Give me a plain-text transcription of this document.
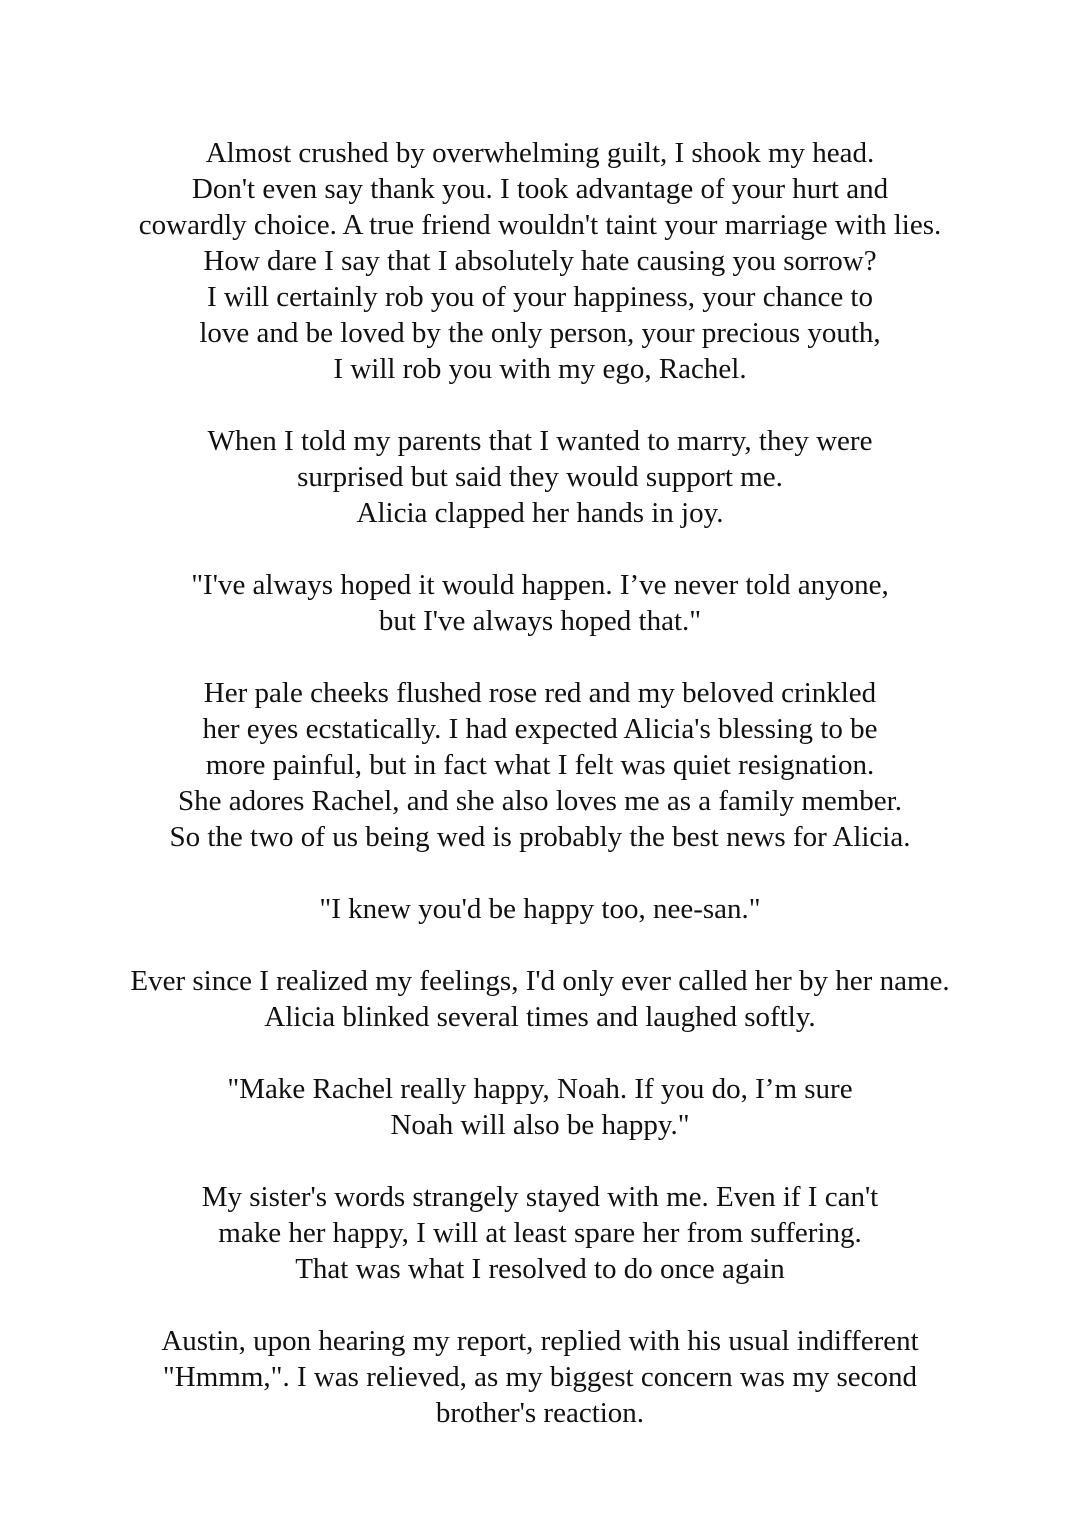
Almost crushed by overwhelming guilt, I shook my head.
Don't even say thank you. I took advantage of your hurt and
cowardly choice. A true friend wouldn't taint your marriage with lies.
How dare I say that I absolutely hate causing you sorrow?
I will certainly rob you of your happiness, your chance to
love and be loved by the only person, your precious youth,
I will rob you with my ego, Rachel.
When I told my parents that I wanted to marry, they were
surprised but said they would support me.
Alicia clapped her hands in joy.
"I've always hoped it would happen. I’ve never told anyone,
but I've always hoped that."
Her pale cheeks flushed rose red and my beloved crinkled
her eyes ecstatically. I had expected Alicia's blessing to be
more painful, but in fact what I felt was quiet resignation.
She adores Rachel, and she also loves me as a family member.
So the two of us being wed is probably the best news for Alicia.
"I knew you'd be happy too, nee-san."
Ever since I realized my feelings, I'd only ever called her by her name.
Alicia blinked several times and laughed softly.
"Make Rachel really happy, Noah. If you do, I’m sure
Noah will also be happy."
My sister's words strangely stayed with me. Even if I can't
make her happy, I will at least spare her from suffering.
That was what I resolved to do once again
Austin, upon hearing my report, replied with his usual indifferent
"Hmmm,". I was relieved, as my biggest concern was my second
brother's reaction.
